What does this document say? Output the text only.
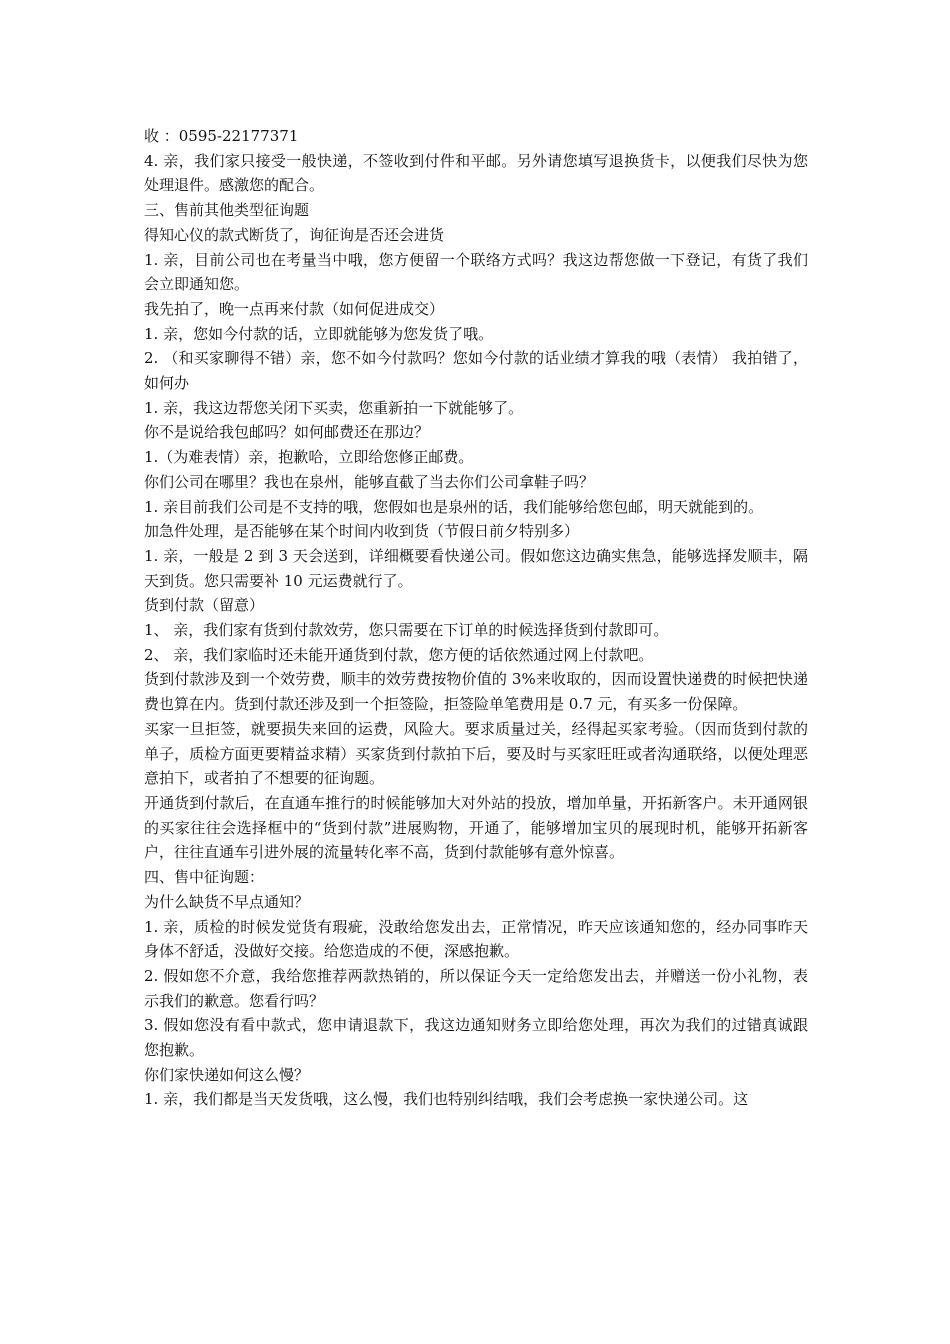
收 ：0595-22177371

4. 亲，我们家只接受一般快递，不签收到付件和平邮。另外请您填写退换货卡，以便我们尽快为您处理退件。感激您的配合。

三、售前其他类型征询题

得知心仪的款式断货了，询征询是否还会进货

1. 亲，目前公司也在考量当中哦，您方便留一个联络方式吗？我这边帮您做一下登记，有货了我们会立即通知您。

我先拍了，晚一点再来付款（如何促进成交）

1. 亲，您如今付款的话，立即就能够为您发货了哦。

2. （和买家聊得不错）亲，您不如今付款吗？您如今付款的话业绩才算我的哦（表情） 我拍错了，如何办

1. 亲，我这边帮您关闭下买卖，您重新拍一下就能够了。

你不是说给我包邮吗？如何邮费还在那边？

1.（为难表情）亲，抱歉哈，立即给您修正邮费。

你们公司在哪里？我也在泉州，能够直截了当去你们公司拿鞋子吗？

1. 亲目前我们公司是不支持的哦，您假如也是泉州的话，我们能够给您包邮，明天就能到的。

加急件处理，是否能够在某个时间内收到货（节假日前夕特别多）

1. 亲，一般是 2 到 3 天会送到，详细概要看快递公司。假如您这边确实焦急，能够选择发顺丰，隔天到货。您只需要补 10 元运费就行了。

货到付款（留意）

1、 亲，我们家有货到付款效劳，您只需要在下订单的时候选择货到付款即可。

2、 亲，我们家临时还未能开通货到付款，您方便的话依然通过网上付款吧。

货到付款涉及到一个效劳费，顺丰的效劳费按物价值的 3%来收取的，因而设置快递费的时候把快递费也算在内。货到付款还涉及到一个拒签险，拒签险单笔费用是 0.7 元，有买多一份保障。

买家一旦拒签，就要损失来回的运费，风险大。要求质量过关，经得起买家考验。（因而货到付款的单子，质检方面更要精益求精）买家货到付款拍下后，要及时与买家旺旺或者沟通联络，以便处理恶意拍下，或者拍了不想要的征询题。

开通货到付款后，在直通车推行的时候能够加大对外站的投放，增加单量，开拓新客户。未开通网银的买家往往会选择框中的“货到付款”进展购物，开通了，能够增加宝贝的展现时机，能够开拓新客户，往往直通车引进外展的流量转化率不高，货到付款能够有意外惊喜。

四、售中征询题：

为什么缺货不早点通知？

1. 亲，质检的时候发觉货有瑕疵，没敢给您发出去，正常情况，昨天应该通知您的，经办同事昨天身体不舒适，没做好交接。给您造成的不便，深感抱歉。

2. 假如您不介意，我给您推荐两款热销的，所以保证今天一定给您发出去，并赠送一份小礼物，表示我们的歉意。您看行吗？

3. 假如您没有看中款式，您申请退款下，我这边通知财务立即给您处理，再次为我们的过错真诚跟您抱歉。

你们家快递如何这么慢？

1. 亲，我们都是当天发货哦，这么慢，我们也特别纠结哦，我们会考虑换一家快递公司。这
